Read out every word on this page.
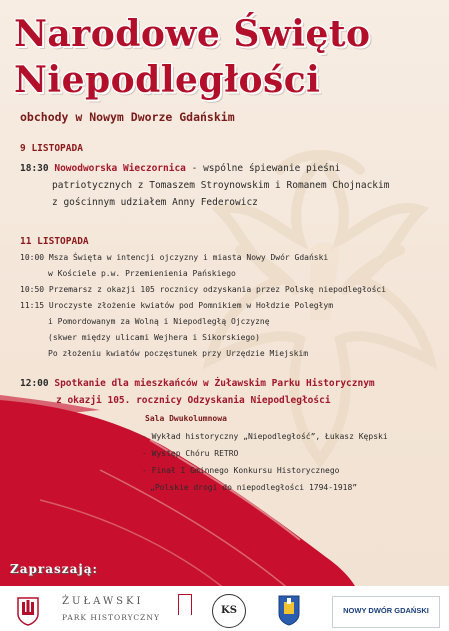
Narodowe Święto
Niepodległości
obchody w Nowym Dworze Gdańskim
9 LISTOPADA
18:30 Nowodworska Wieczornica - wspólne śpiewanie pieśni
patriotycznych z Tomaszem Stroynowskim i Romanem Chojnackim
z gościnnym udziałem Anny Federowicz
11 LISTOPADA
10:00 Msza Święta w intencji ojczyzny i miasta Nowy Dwór Gdański
w Kościele p.w. Przemienienia Pańskiego
10:50 Przemarsz z okazji 105 rocznicy odzyskania przez Polskę niepodległości
11:15 Uroczyste złożenie kwiatów pod Pomnikiem w Hołdzie Poległym
i Pomordowanym za Wolną i Niepodległą Ojczyznę
(skwer między ulicami Wejhera i Sikorskiego)
Po złożeniu kwiatów poczęstunek przy Urzędzie Miejskim
12:00 Spotkanie dla mieszkańców w Żuławskim Parku Historycznym
z okazji 105. rocznicy Odzyskania Niepodległości
Sala Dwukolumnowa
- Wykład historyczny „Niepodległość”, Łukasz Kępski
- Występ Chóru RETRO
- Finał I Gminnego Konkursu Historycznego
„Polskie drogi do niepodległości 1794-1918”
Zapraszają:
ŻUŁAWSKI
PARK HISTORYCZNY
KS	NOWY DWÓR GDAŃSKI
